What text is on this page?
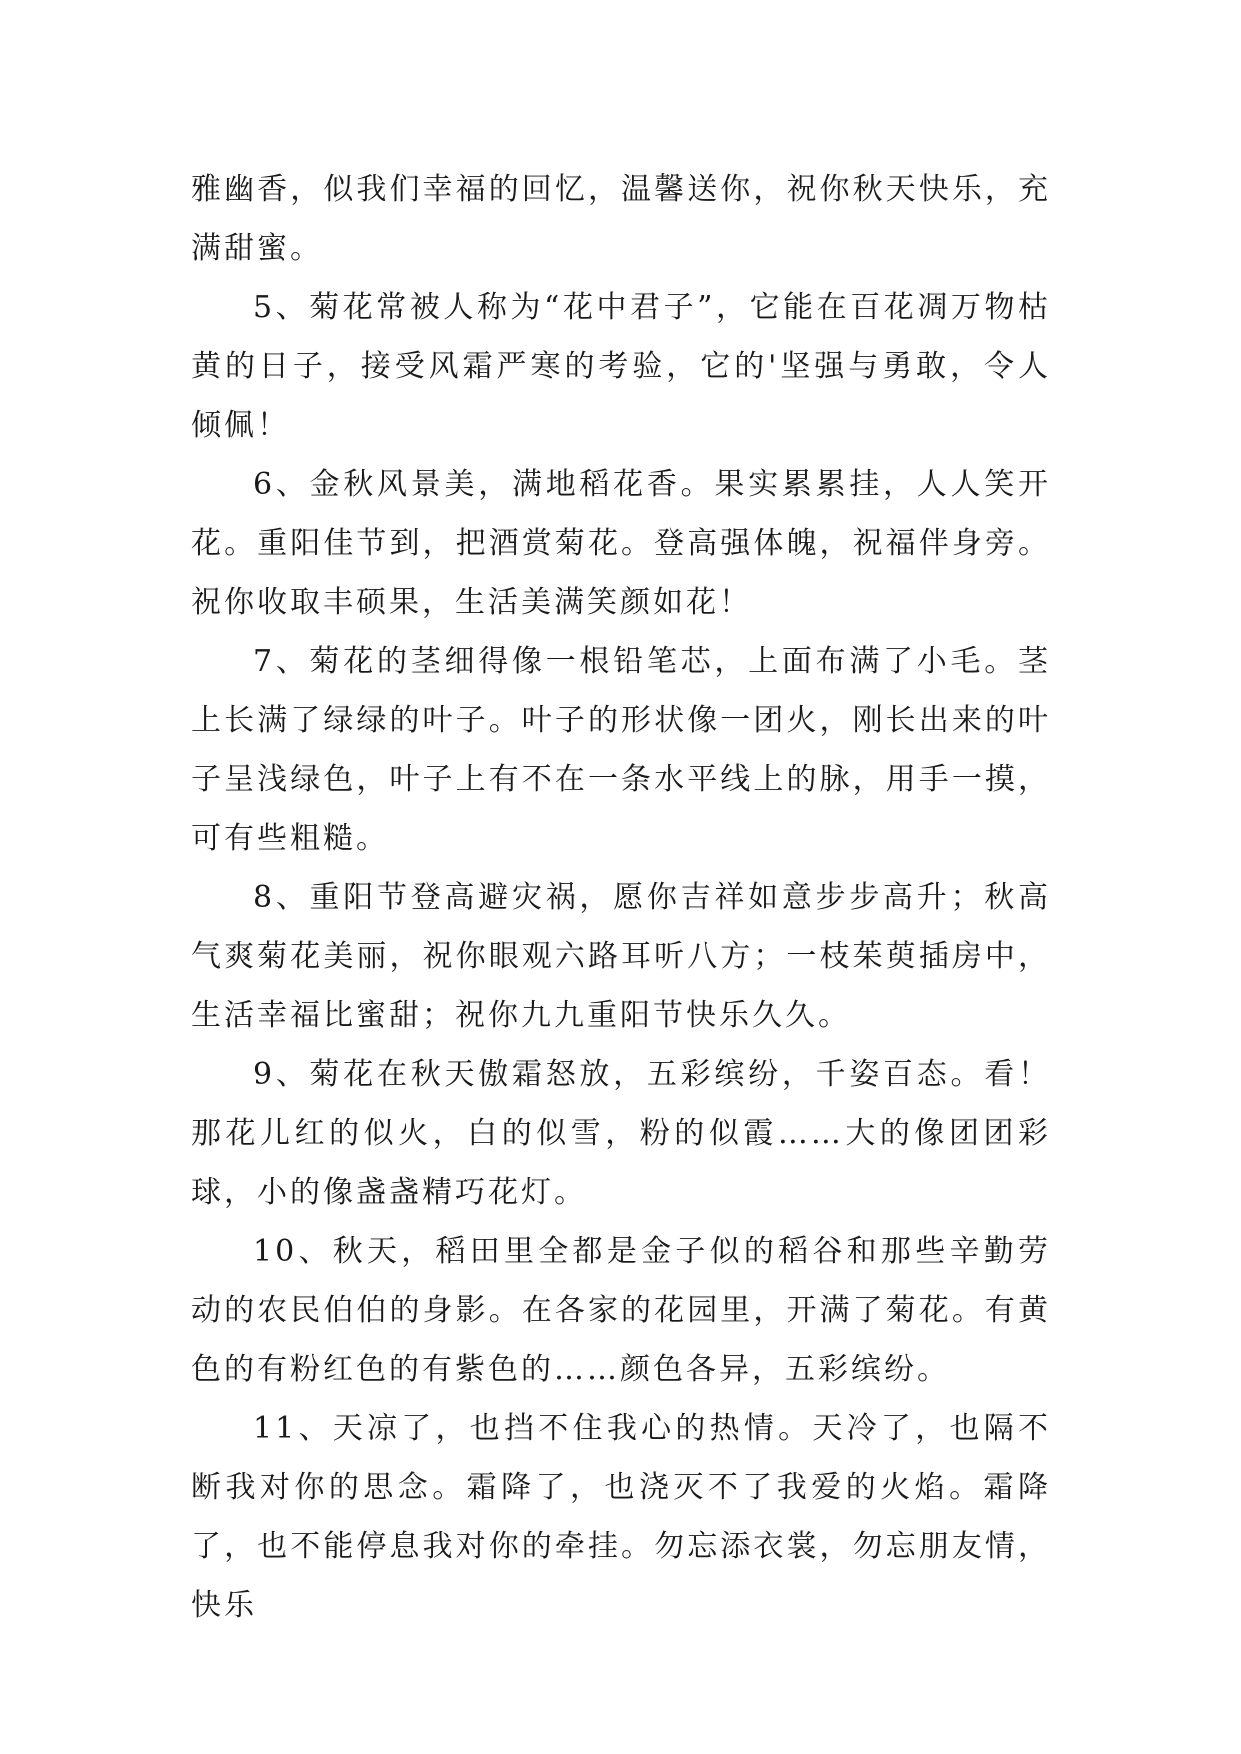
雅幽香，似我们幸福的回忆，温馨送你，祝你秋天快乐，充满甜蜜。

5、菊花常被人称为“花中君子”，它能在百花凋万物枯黄的日子，接受风霜严寒的考验，它的'坚强与勇敢，令人倾佩！

6、金秋风景美，满地稻花香。果实累累挂，人人笑开花。重阳佳节到，把酒赏菊花。登高强体魄，祝福伴身旁。祝你收取丰硕果，生活美满笑颜如花！

7、菊花的茎细得像一根铅笔芯，上面布满了小毛。茎上长满了绿绿的叶子。叶子的形状像一团火，刚长出来的叶子呈浅绿色，叶子上有不在一条水平线上的脉，用手一摸，可有些粗糙。

8、重阳节登高避灾祸，愿你吉祥如意步步高升；秋高气爽菊花美丽，祝你眼观六路耳听八方；一枝茱萸插房中，生活幸福比蜜甜；祝你九九重阳节快乐久久。

9、菊花在秋天傲霜怒放，五彩缤纷，千姿百态。看！那花儿红的似火，白的似雪，粉的似霞……大的像团团彩球，小的像盏盏精巧花灯。

10、秋天，稻田里全都是金子似的稻谷和那些辛勤劳动的农民伯伯的身影。在各家的花园里，开满了菊花。有黄色的有粉红色的有紫色的……颜色各异，五彩缤纷。

11、天凉了，也挡不住我心的热情。天冷了，也隔不断我对你的思念。霜降了，也浇灭不了我爱的火焰。霜降了，也不能停息我对你的牵挂。勿忘添衣裳，勿忘朋友情，快乐
